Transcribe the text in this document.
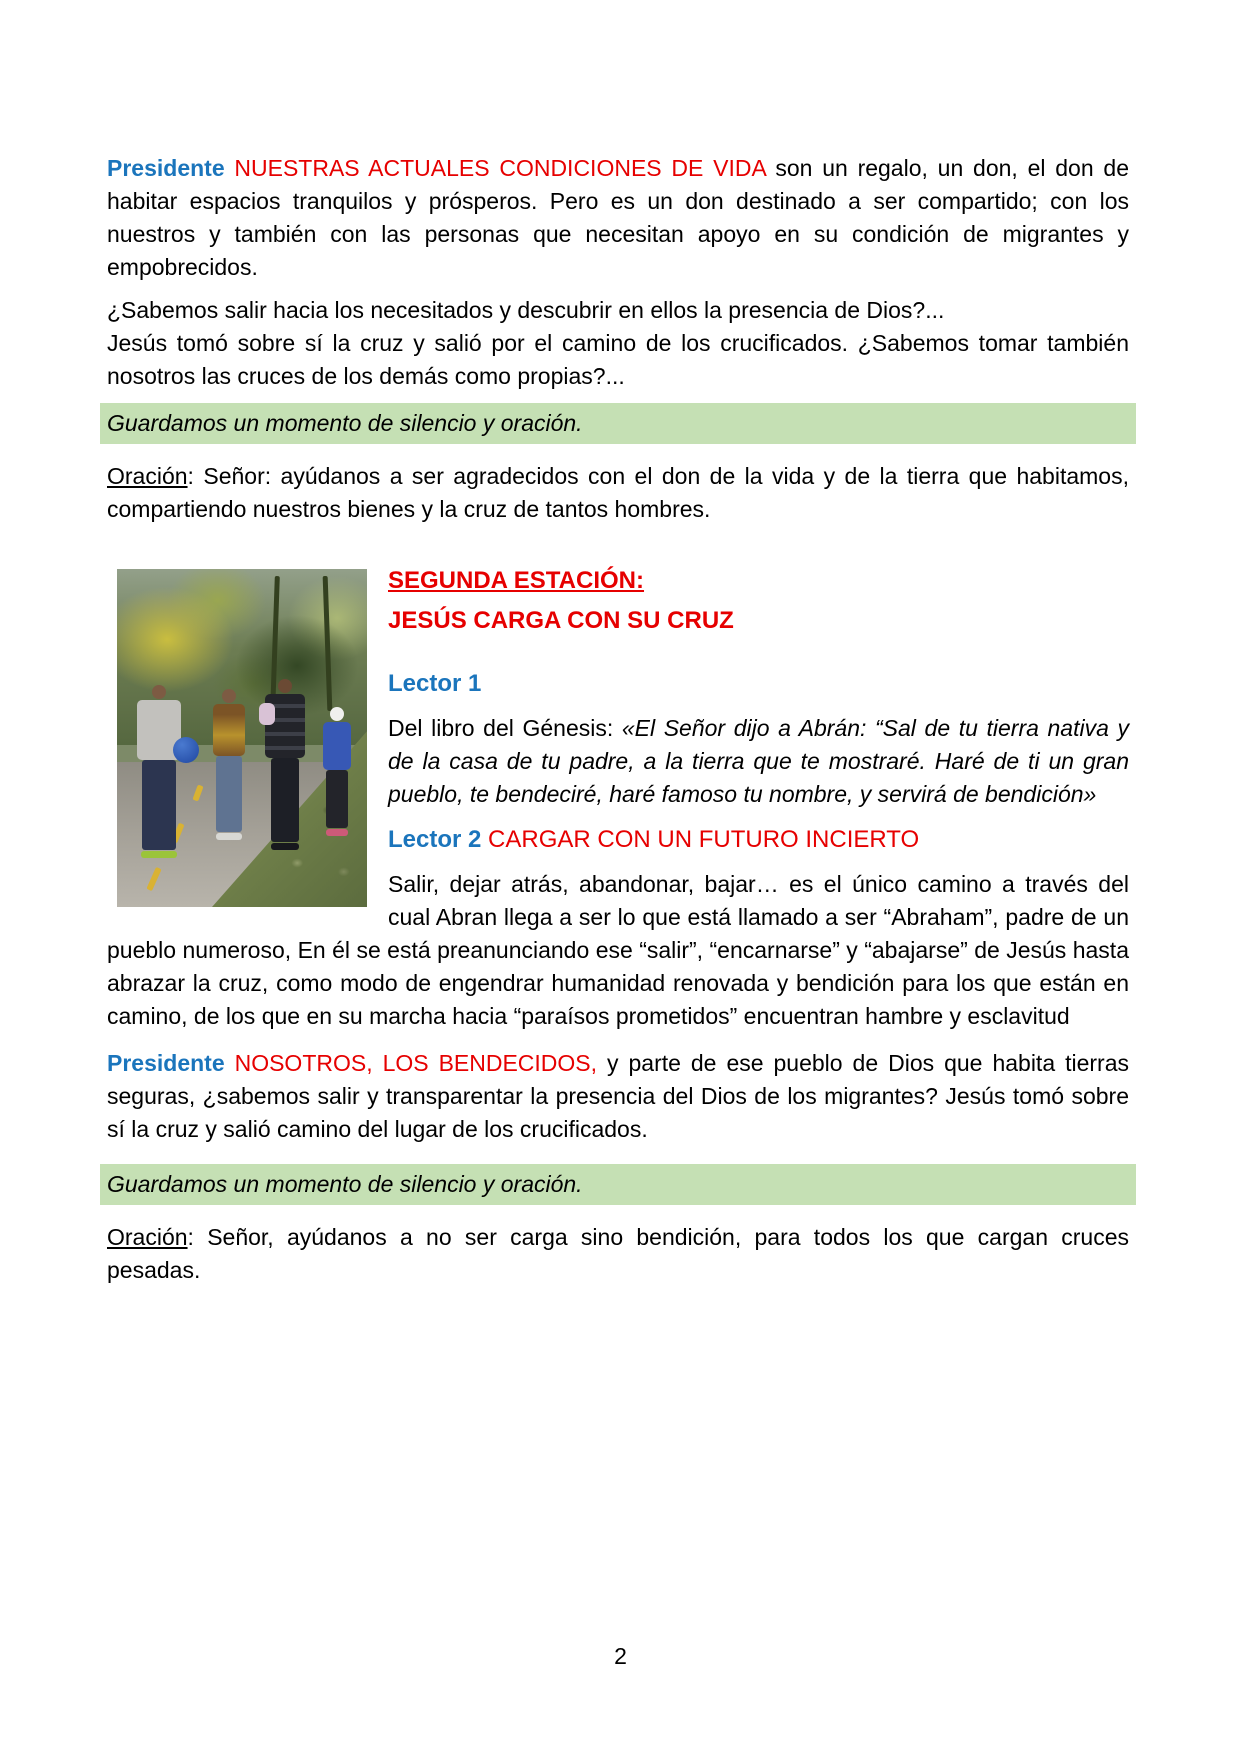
Presidente NUESTRAS ACTUALES CONDICIONES DE VIDA son un regalo, un don, el don de habitar espacios tranquilos y prósperos. Pero es un don destinado a ser compartido; con los nuestros y también con las personas que necesitan apoyo en su condición de migrantes y empobrecidos.

¿Sabemos salir hacia los necesitados y descubrir en ellos la presencia de Dios?...
Jesús tomó sobre sí la cruz y salió por el camino de los crucificados. ¿Sabemos tomar también nosotros las cruces de los demás como propias?...

Guardamos un momento de silencio y oración.

Oración: Señor: ayúdanos a ser agradecidos con el don de la vida y de la tierra que habitamos, compartiendo nuestros bienes y la cruz de tantos hombres.

SEGUNDA ESTACIÓN:
JESÚS CARGA CON SU CRUZ

Lector 1

Del libro del Génesis: «El Señor dijo a Abrán: “Sal de tu tierra nativa y de la casa de tu padre, a la tierra que te mostraré. Haré de ti un gran pueblo, te bendeciré, haré famoso tu nombre, y servirá de bendición»

Lector 2 CARGAR CON UN FUTURO INCIERTO

Salir, dejar atrás, abandonar, bajar… es el único camino a través del cual Abran llega a ser lo que está llamado a ser “Abraham”, padre de un pueblo numeroso, En él se está preanunciando ese “salir”, “encarnarse” y “abajarse” de Jesús hasta abrazar la cruz, como modo de engendrar humanidad renovada y bendición para los que están en camino, de los que en su marcha hacia “paraísos prometidos” encuentran hambre y esclavitud

Presidente NOSOTROS, LOS BENDECIDOS, y parte de ese pueblo de Dios que habita tierras seguras, ¿sabemos salir y transparentar la presencia del Dios de los migrantes? Jesús tomó sobre sí la cruz y salió camino del lugar de los crucificados.

Guardamos un momento de silencio y oración.

Oración: Señor, ayúdanos a no ser carga sino bendición, para todos los que cargan cruces pesadas.

2
